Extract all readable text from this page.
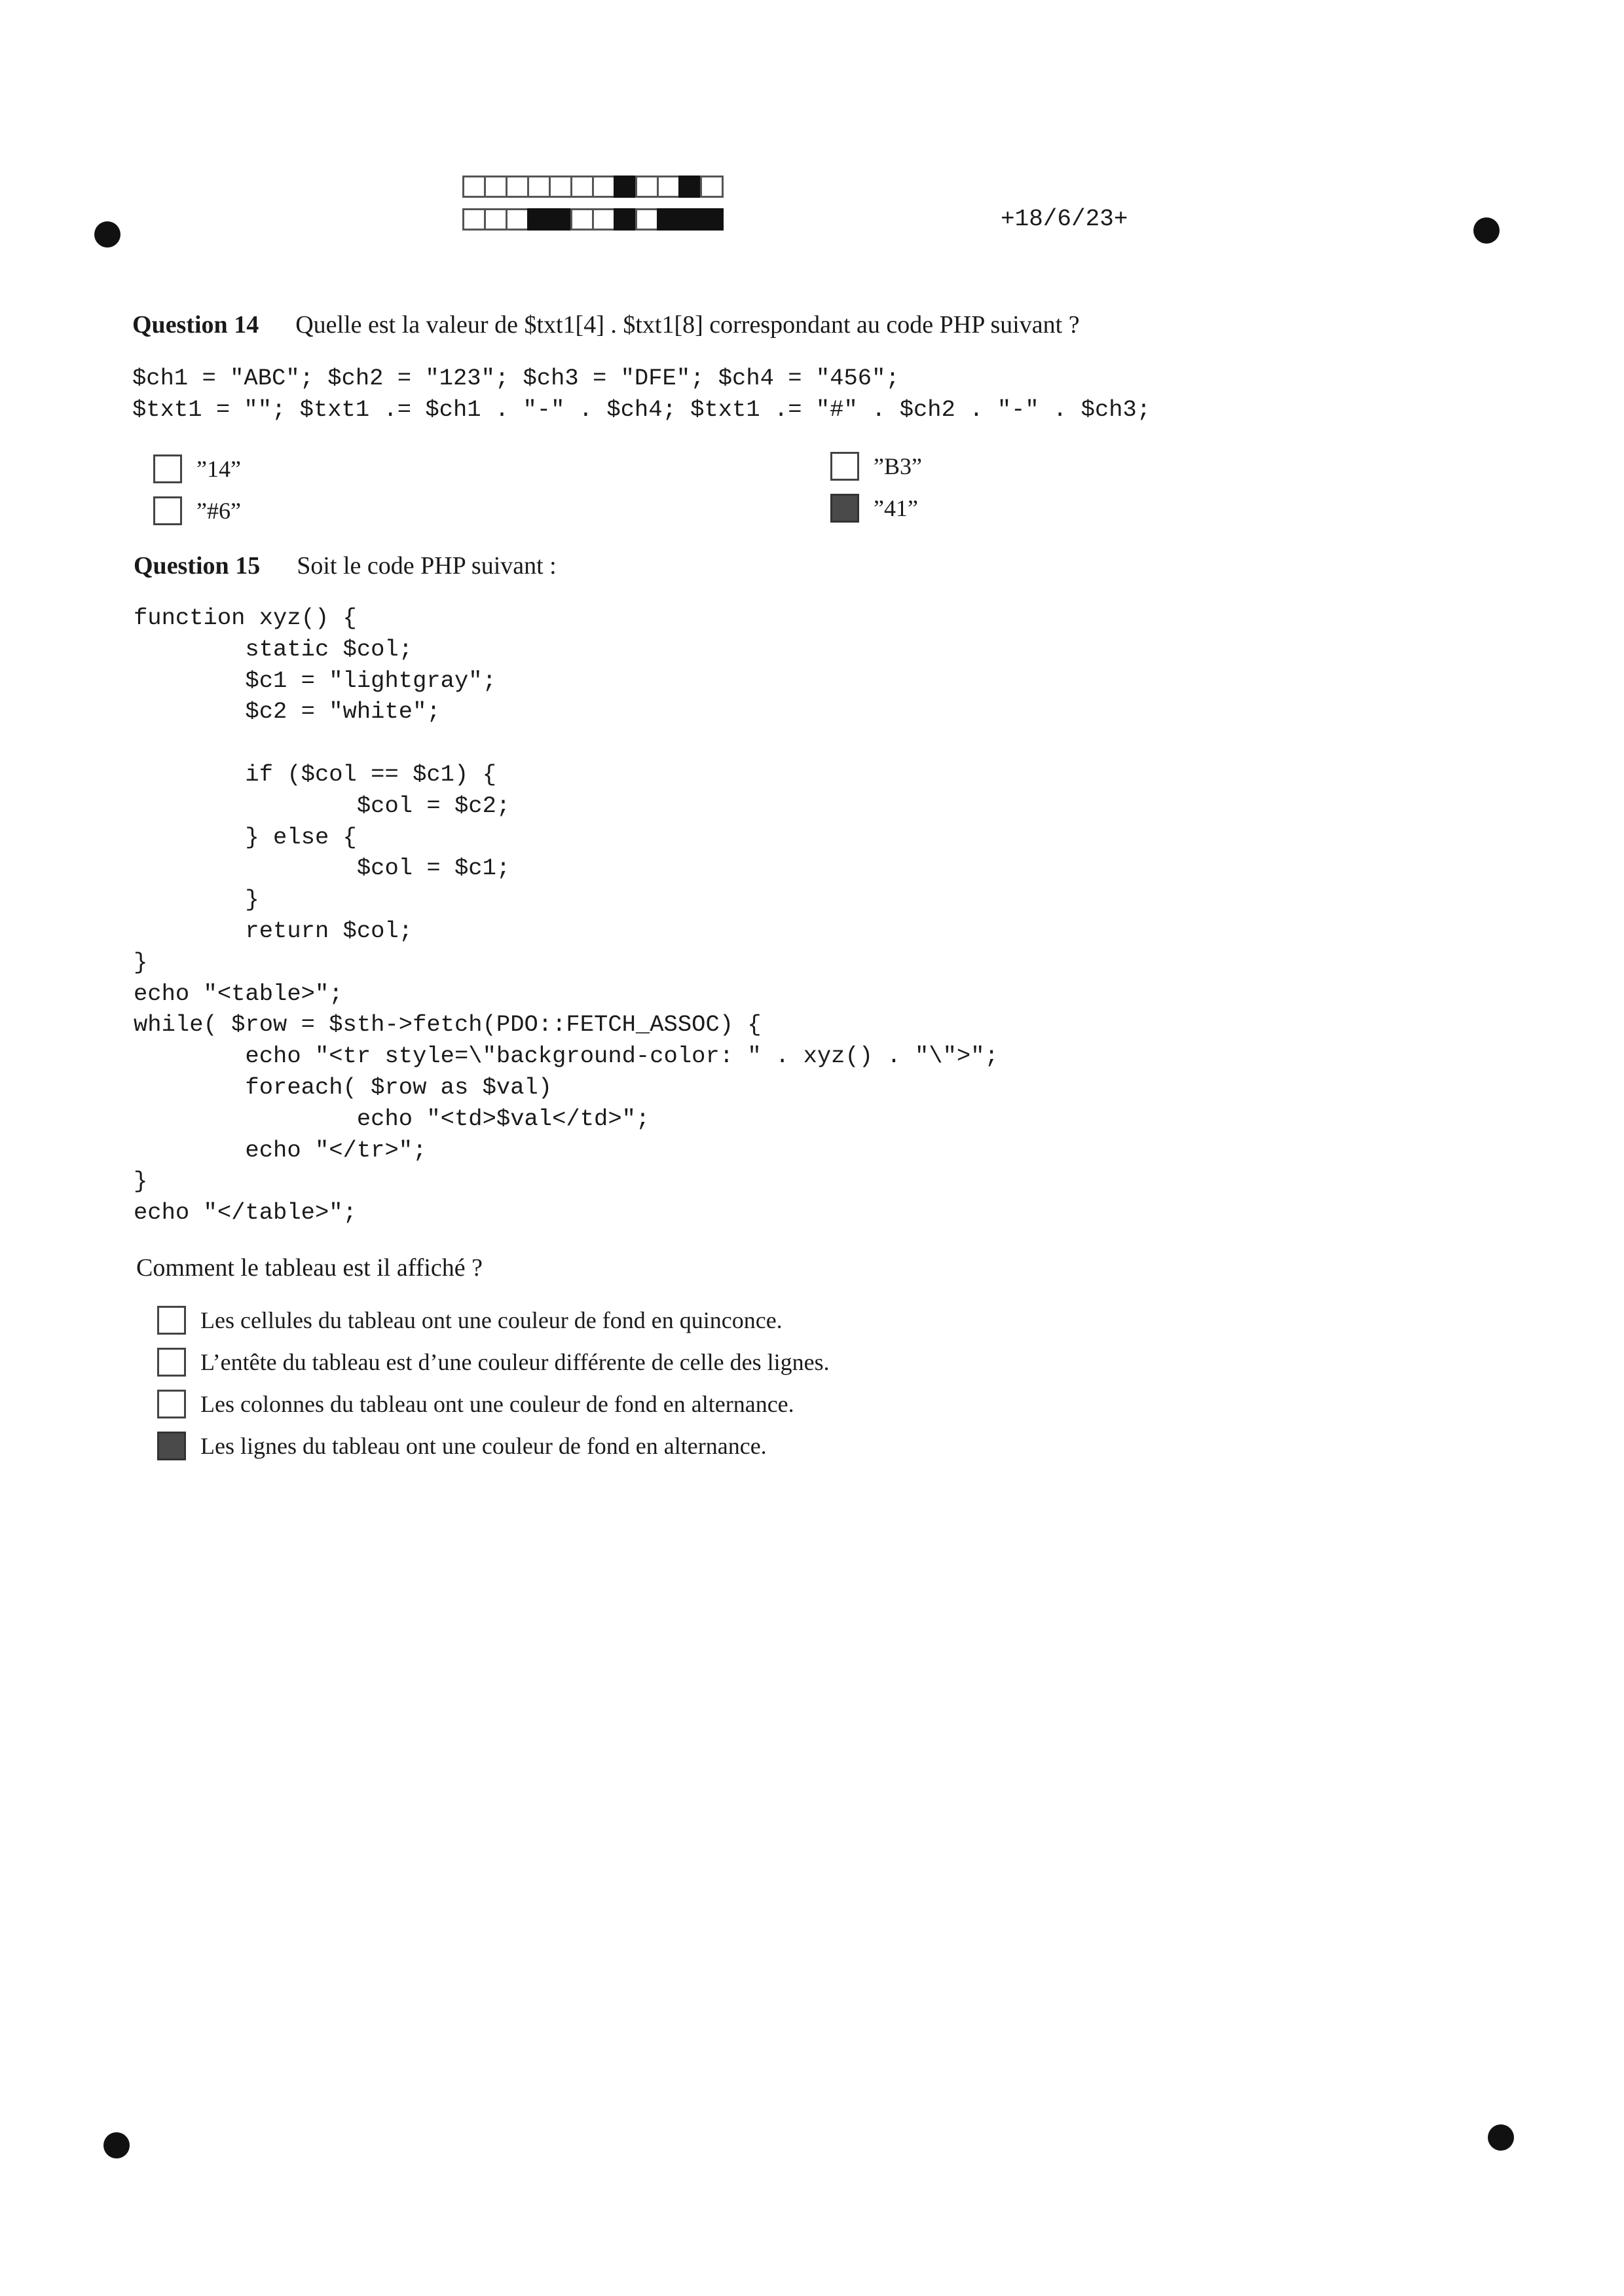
+18/6/23+
Question 14 Quelle est la valeur de $txt1[4] . $txt1[8] correspondant au code PHP suivant ?
$ch1 = "ABC"; $ch2 = "123"; $ch3 = "DFE"; $ch4 = "456";
$txt1 = ""; $txt1 .= $ch1 . "-" . $ch4; $txt1 .= "#" . $ch2 . "-" . $ch3;
”14”
”#6”
”B3”
”41”
Question 15 Soit le code PHP suivant :
function xyz() {
static $col;
$c1 = "lightgray";
$c2 = "white";

if ($col == $c1) {
$col = $c2;
} else {
$col = $c1;
}
return $col;
}
echo "<table>";
while( $row = $sth->fetch(PDO::FETCH_ASSOC) {
echo "<tr style=\"background-color: " . xyz() . "\">";
foreach( $row as $val)
echo "<td>$val</td>";
echo "</tr>";
}
echo "</table>";
Comment le tableau est il affiché ?
Les cellules du tableau ont une couleur de fond en quinconce.
L’entête du tableau est d’une couleur différente de celle des lignes.
Les colonnes du tableau ont une couleur de fond en alternance.
Les lignes du tableau ont une couleur de fond en alternance.
